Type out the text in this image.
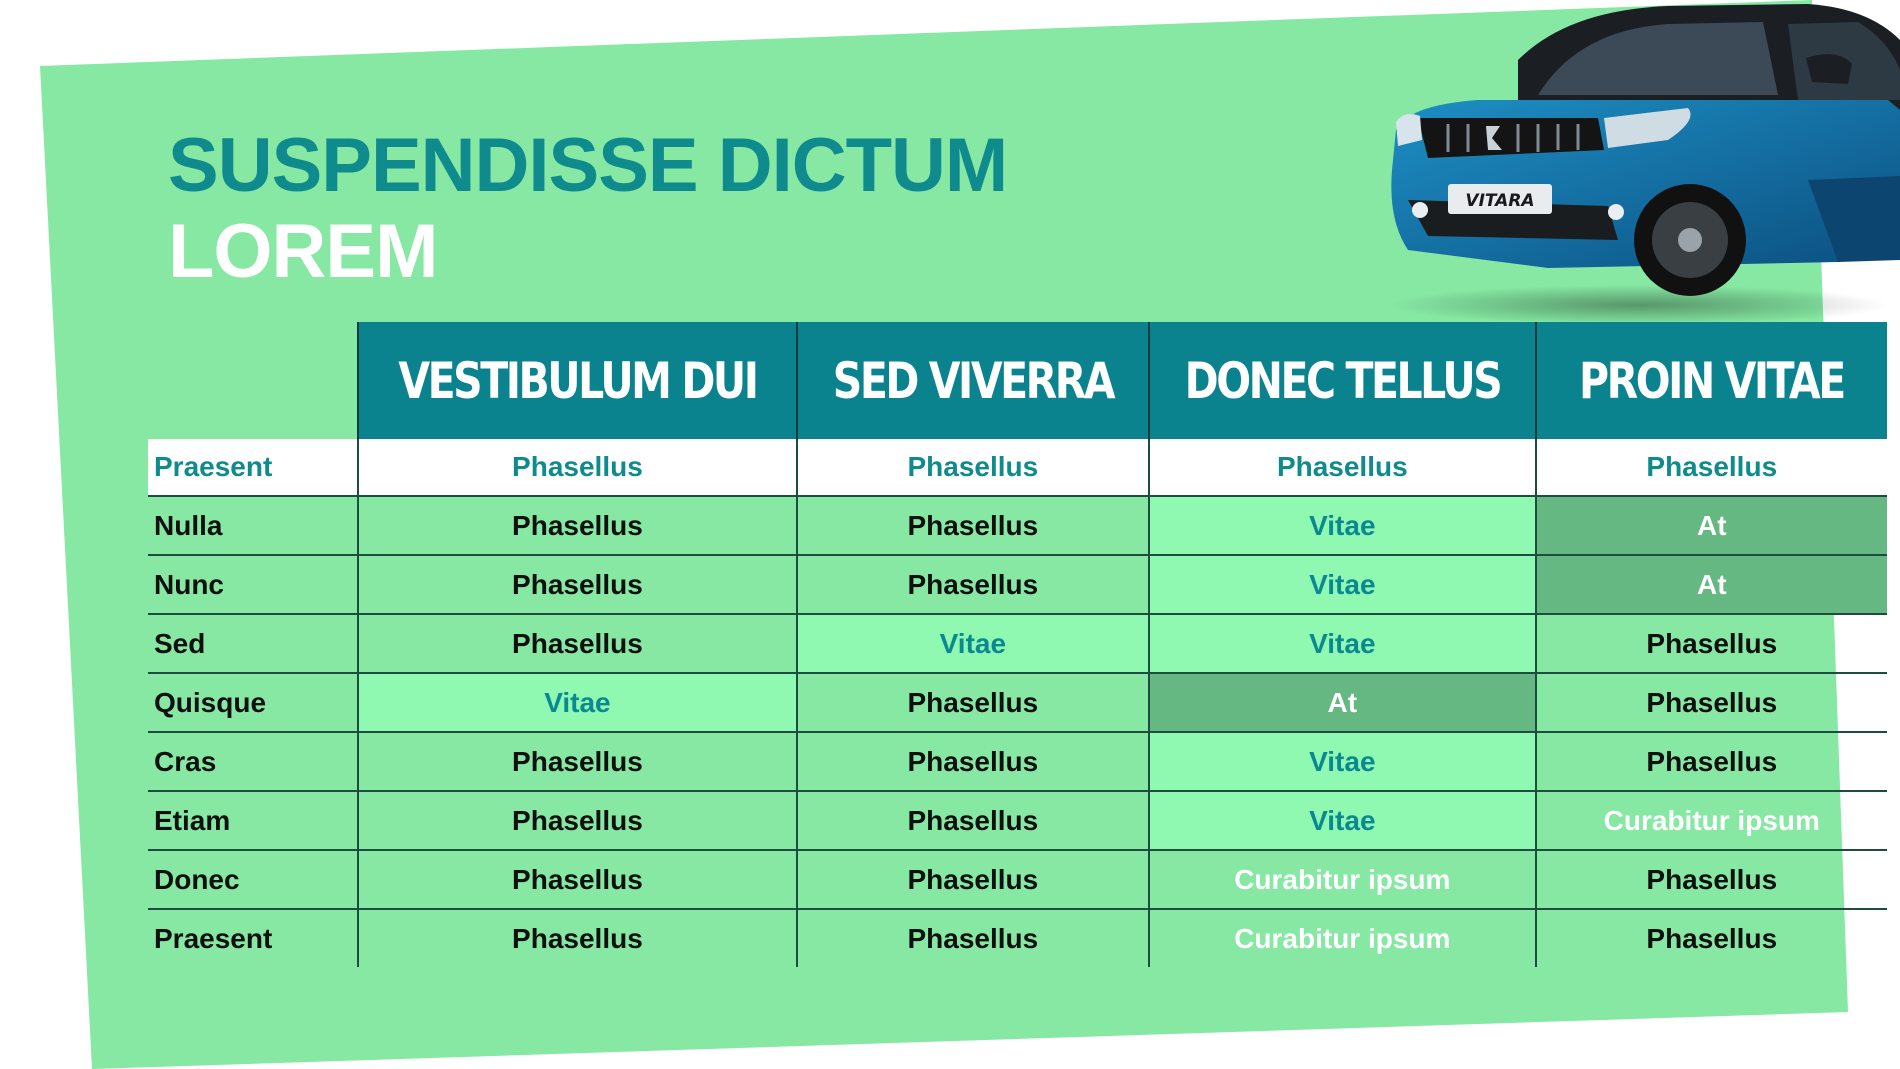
SUSPENDISSE DICTUM
LOREM
VITARA
	VESTIBULUM DUI	SED VIVERRA	DONEC TELLUS	PROIN VITAE
Praesent	Phasellus	Phasellus	Phasellus	Phasellus
Nulla	Phasellus	Phasellus	Vitae	At
Nunc	Phasellus	Phasellus	Vitae	At
Sed	Phasellus	Vitae	Vitae	Phasellus
Quisque	Vitae	Phasellus	At	Phasellus
Cras	Phasellus	Phasellus	Vitae	Phasellus
Etiam	Phasellus	Phasellus	Vitae	Curabitur ipsum
Donec	Phasellus	Phasellus	Curabitur ipsum	Phasellus
Praesent	Phasellus	Phasellus	Curabitur ipsum	Phasellus
